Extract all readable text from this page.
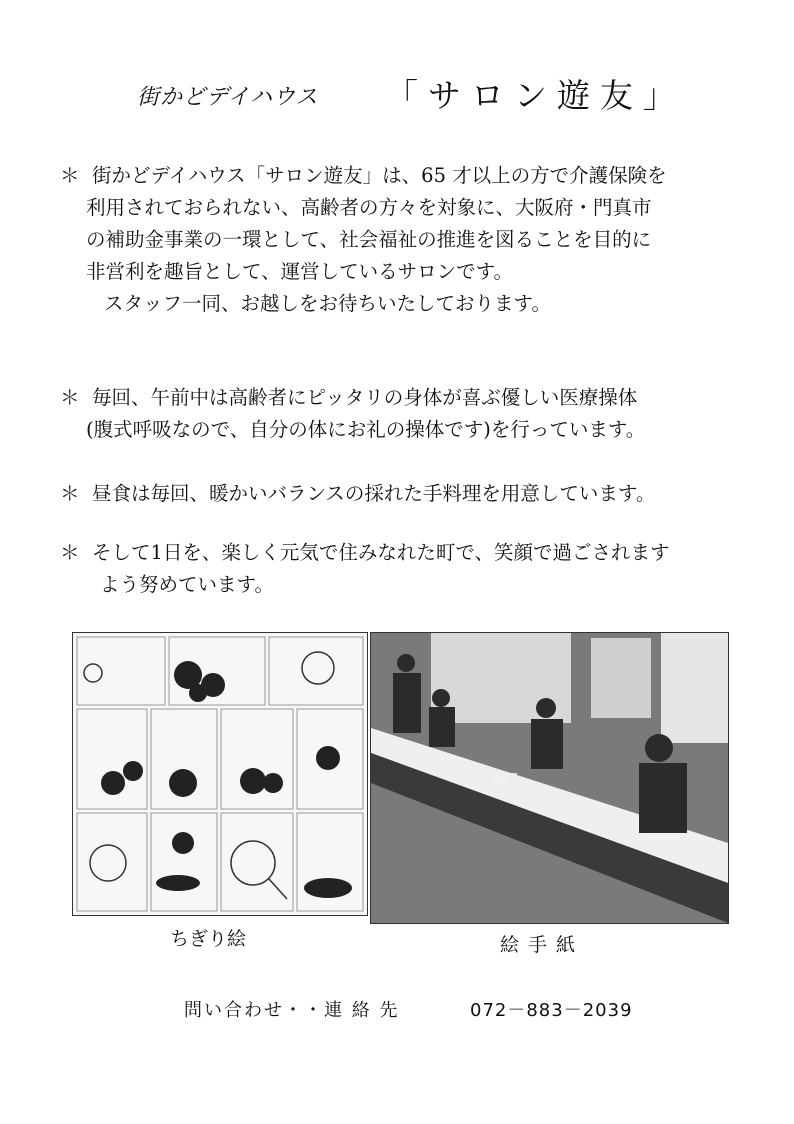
街かどデイハウス 「サロン遊友」
＊ 街かどデイハウス「サロン遊友」は、65 才以上の方で介護保険を
利用されておられない、高齢者の方々を対象に、大阪府・門真市
の補助金事業の一環として、社会福祉の推進を図ることを目的に
非営利を趣旨として、運営しているサロンです。
スタッフ一同、お越しをお待ちいたしております。
＊ 毎回、午前中は高齢者にピッタリの身体が喜ぶ優しい医療操体
(腹式呼吸なので、自分の体にお礼の操体です)を行っています。
＊ 昼食は毎回、暖かいバランスの採れた手料理を用意しています。
＊ そして1日を、楽しく元気で住みなれた町で、笑顔で過ごされます
よう努めています。
ちぎり絵	絵手紙
問い合わせ・・連 絡 先	072－883－2039
